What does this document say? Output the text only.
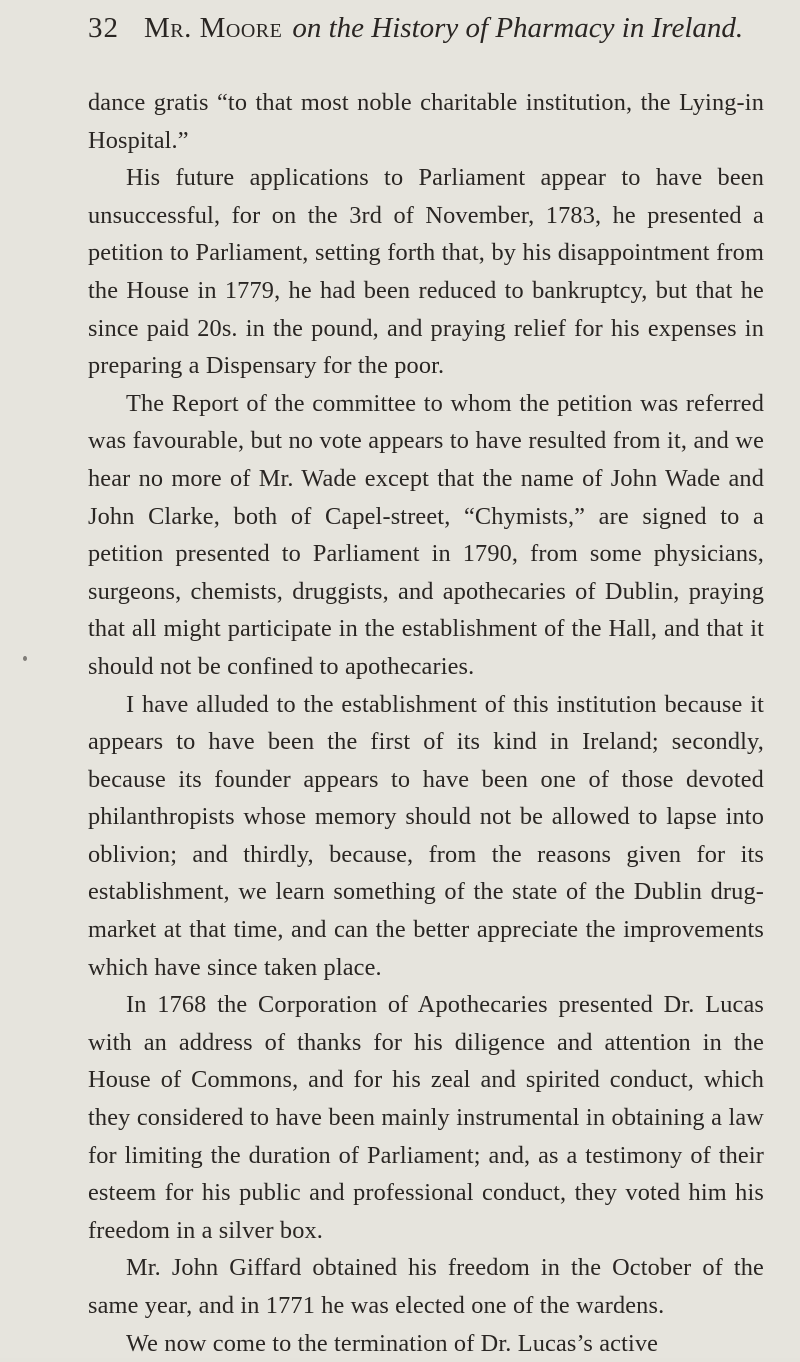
32 Mr. Moore on the History of Pharmacy in Ireland.

dance gratis “to that most noble charitable institution, the Lying-in Hospital.”

His future applications to Parliament appear to have been unsuccessful, for on the 3rd of November, 1783, he presented a petition to Parliament, setting forth that, by his disappointment from the House in 1779, he had been reduced to bankruptcy, but that he since paid 20s. in the pound, and praying relief for his expenses in preparing a Dispensary for the poor.

The Report of the committee to whom the petition was referred was favourable, but no vote appears to have resulted from it, and we hear no more of Mr. Wade except that the name of John Wade and John Clarke, both of Capel-street, “Chymists,” are signed to a petition presented to Parliament in 1790, from some physicians, surgeons, chemists, druggists, and apothecaries of Dublin, praying that all might participate in the establishment of the Hall, and that it should not be confined to apothecaries.

I have alluded to the establishment of this institution because it appears to have been the first of its kind in Ireland; secondly, because its founder appears to have been one of those devoted philanthropists whose memory should not be allowed to lapse into oblivion; and thirdly, because, from the reasons given for its establishment, we learn something of the state of the Dublin drug-market at that time, and can the better appreciate the improvements which have since taken place.

In 1768 the Corporation of Apothecaries presented Dr. Lucas with an address of thanks for his diligence and attention in the House of Commons, and for his zeal and spirited conduct, which they considered to have been mainly instrumental in obtaining a law for limiting the duration of Parliament; and, as a testimony of their esteem for his public and professional conduct, they voted him his freedom in a silver box.

Mr. John Giffard obtained his freedom in the October of the same year, and in 1771 he was elected one of the wardens.

We now come to the termination of Dr. Lucas’s active
